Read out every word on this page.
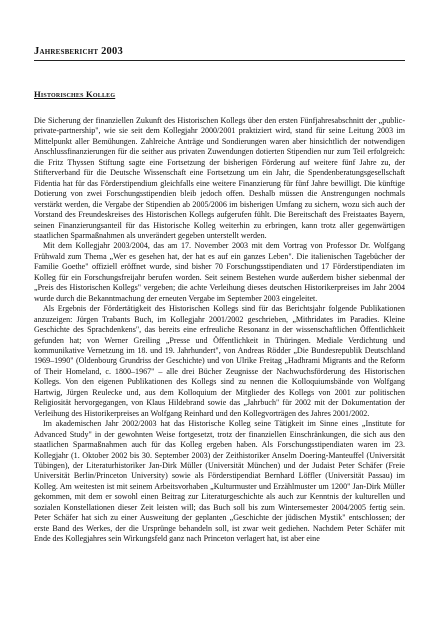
Jahresbericht 2003
Historisches Kolleg

Die Sicherung der finanziellen Zukunft des Historischen Kollegs über den ersten Fünfjahresabschnitt der „public-private-partnership", wie sie seit dem Kollegjahr 2000/2001 praktiziert wird, stand für seine Leitung 2003 im Mittelpunkt aller Bemühungen. Zahlreiche Anträge und Sondierungen waren aber hinsichtlich der notwendigen Anschlussfinanzierungen für die seither aus privaten Zuwendungen dotierten Stipendien nur zum Teil erfolgreich: die Fritz Thyssen Stiftung sagte eine Fortsetzung der bisherigen Förderung auf weitere fünf Jahre zu, der Stifterverband für die Deutsche Wissenschaft eine Fortsetzung um ein Jahr, die Spendenberatungsgesellschaft Fidentia hat für das Förderstipendium gleichfalls eine weitere Finanzierung für fünf Jahre bewilligt. Die künftige Dotierung von zwei Forschungsstipendien bleib jedoch offen. Deshalb müssen die Anstrengungen nochmals verstärkt werden, die Vergabe der Stipendien ab 2005/2006 im bisherigen Umfang zu sichern, wozu sich auch der Vorstand des Freundeskreises des Historischen Kollegs aufgerufen fühlt. Die Bereitschaft des Freistaates Bayern, seinen Finanzierungsanteil für das Historische Kolleg weiterhin zu erbringen, kann trotz aller gegenwärtigen staatlichen Sparmaßnahmen als unverändert gegeben unterstellt werden.

Mit dem Kollegjahr 2003/2004, das am 17. November 2003 mit dem Vortrag von Professor Dr. Wolfgang Frühwald zum Thema „Wer es gesehen hat, der hat es auf ein ganzes Leben". Die italienischen Tagebücher der Familie Goethe" offiziell eröffnet wurde, sind bisher 70 Forschungsstipendiaten und 17 Förderstipendiaten im Kolleg für ein Forschungsfreijahr berufen worden. Seit seinem Bestehen wurde außerdem bisher siebenmal der „Preis des Historischen Kollegs" vergeben; die achte Verleihung dieses deutschen Historikerpreises im Jahr 2004 wurde durch die Bekanntmachung der erneuten Vergabe im September 2003 eingeleitet.

Als Ergebnis der Fördertätigkeit des Historischen Kollegs sind für das Berichtsjahr folgende Publikationen anzuzeigen: Jürgen Trabants Buch, im Kollegjahr 2001/2002 geschrieben, „Mithridates im Paradies. Kleine Geschichte des Sprachdenkens", das bereits eine erfreuliche Resonanz in der wissenschaftlichen Öffentlichkeit gefunden hat; von Werner Greiling „Presse und Öffentlichkeit in Thüringen. Mediale Verdichtung und kommunikative Vernetzung im 18. und 19. Jahrhundert", von Andreas Rödder „Die Bundesrepublik Deutschland 1969–1990" (Oldenbourg Grundriss der Geschichte) und von Ulrike Freitag „Hadhrami Migrants and the Reform of Their Homeland, c. 1800–1967" – alle drei Bücher Zeugnisse der Nachwuchsförderung des Historischen Kollegs. Von den eigenen Publikationen des Kollegs sind zu nennen die Kolloquiumsbände von Wolfgang Hartwig, Jürgen Reulecke und, aus dem Kolloquium der Mitglieder des Kollegs von 2001 zur politischen Religiosität hervorgegangen, von Klaus Hildebrand sowie das „Jahrbuch" für 2002 mit der Dokumentation der Verleihung des Historikerpreises an Wolfgang Reinhard und den Kollegvorträgen des Jahres 2001/2002.

Im akademischen Jahr 2002/2003 hat das Historische Kolleg seine Tätigkeit im Sinne eines „Institute for Advanced Study" in der gewohnten Weise fortgesetzt, trotz der finanziellen Einschränkungen, die sich aus den staatlichen Sparmaßnahmen auch für das Kolleg ergeben haben. Als Forschungsstipendiaten waren im 23. Kollegjahr (1. Oktober 2002 bis 30. September 2003) der Zeithistoriker Anselm Doering-Manteuffel (Universität Tübingen), der Literaturhistoriker Jan-Dirk Müller (Universität München) und der Judaist Peter Schäfer (Freie Universität Berlin/Princeton University) sowie als Förderstipendiat Bernhard Löffler (Universität Passau) im Kolleg. Am weitesten ist mit seinem Arbeitsvorhaben „Kulturmuster und Erzählmuster um 1200" Jan-Dirk Müller gekommen, mit dem er sowohl einen Beitrag zur Literaturgeschichte als auch zur Kenntnis der kulturellen und sozialen Konstellationen dieser Zeit leisten will; das Buch soll bis zum Wintersemester 2004/2005 fertig sein. Peter Schäfer hat sich zu einer Ausweitung der geplanten „Geschichte der jüdischen Mystik" entschlossen; der erste Band des Werkes, der die Ursprünge behandeln soll, ist zwar weit gediehen. Nachdem Peter Schäfer mit Ende des Kollegjahres sein Wirkungsfeld ganz nach Princeton verlagert hat, ist aber eine
